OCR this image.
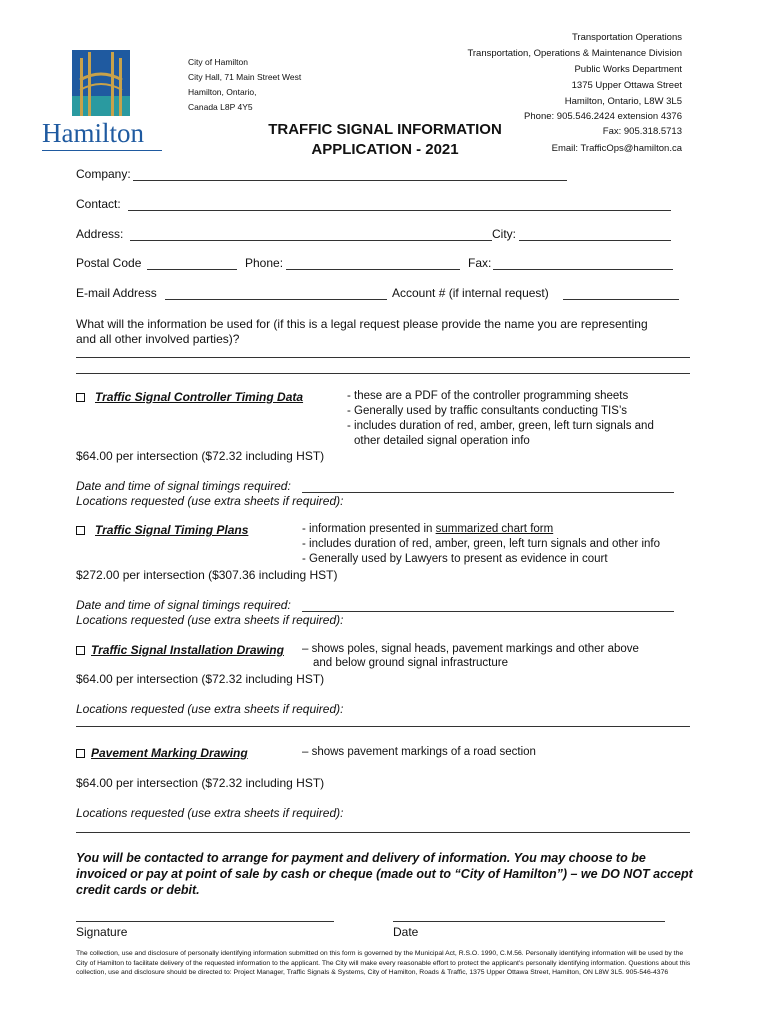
Hamilton
City of Hamilton
City Hall, 71 Main Street West
Hamilton, Ontario,
Canada L8P 4Y5
Transportation Operations
Transportation, Operations & Maintenance Division
Public Works Department
1375 Upper Ottawa Street
Hamilton, Ontario, L8W 3L5
Phone: 905.546.2424 extension 4376
Fax: 905.318.5713
Email: TrafficOps@hamilton.ca
TRAFFIC SIGNAL INFORMATION
APPLICATION - 2021
Company:
Contact:
Address:	City:
Postal Code	Phone:	Fax:
E-mail Address	Account # (if internal request)
What will the information be used for (if this is a legal request please provide the name you are representing
and all other involved parties)?
Traffic Signal Controller Timing Data	- these are a PDF of the controller programming sheets
- Generally used by traffic consultants conducting TIS’s
- includes duration of red, amber, green, left turn signals and
other detailed signal operation info
$64.00 per intersection ($72.32 including HST)
Date and time of signal timings required:
Locations requested (use extra sheets if required):
Traffic Signal Timing Plans	- information presented in summarized chart form
- includes duration of red, amber, green, left turn signals and other info
- Generally used by Lawyers to present as evidence in court
$272.00 per intersection ($307.36 including HST)
Date and time of signal timings required:
Locations requested (use extra sheets if required):
Traffic Signal Installation Drawing – shows poles, signal heads, pavement markings and other above
and below ground signal infrastructure
$64.00 per intersection ($72.32 including HST)
Locations requested (use extra sheets if required):
Pavement Marking Drawing	– shows pavement markings of a road section
$64.00 per intersection ($72.32 including HST)
Locations requested (use extra sheets if required):
You will be contacted to arrange for payment and delivery of information. You may choose to be invoiced or pay at point of sale by cash or cheque (made out to “City of Hamilton”) – we DO NOT accept credit cards or debit.
Signature	Date
The collection, use and disclosure of personally identifying information submitted on this form is governed by the Municipal Act, R.S.O. 1990, C.M.56. Personally identifying information will be used by the City of Hamilton to facilitate delivery of the requested information to the applicant. The City will make every reasonable effort to protect the applicant’s personally identifying information. Questions about this collection, use and disclosure should be directed to: Project Manager, Traffic Signals & Systems, City of Hamilton, Roads & Traffic, 1375 Upper Ottawa Street, Hamilton, ON L8W 3L5. 905-546-4376
